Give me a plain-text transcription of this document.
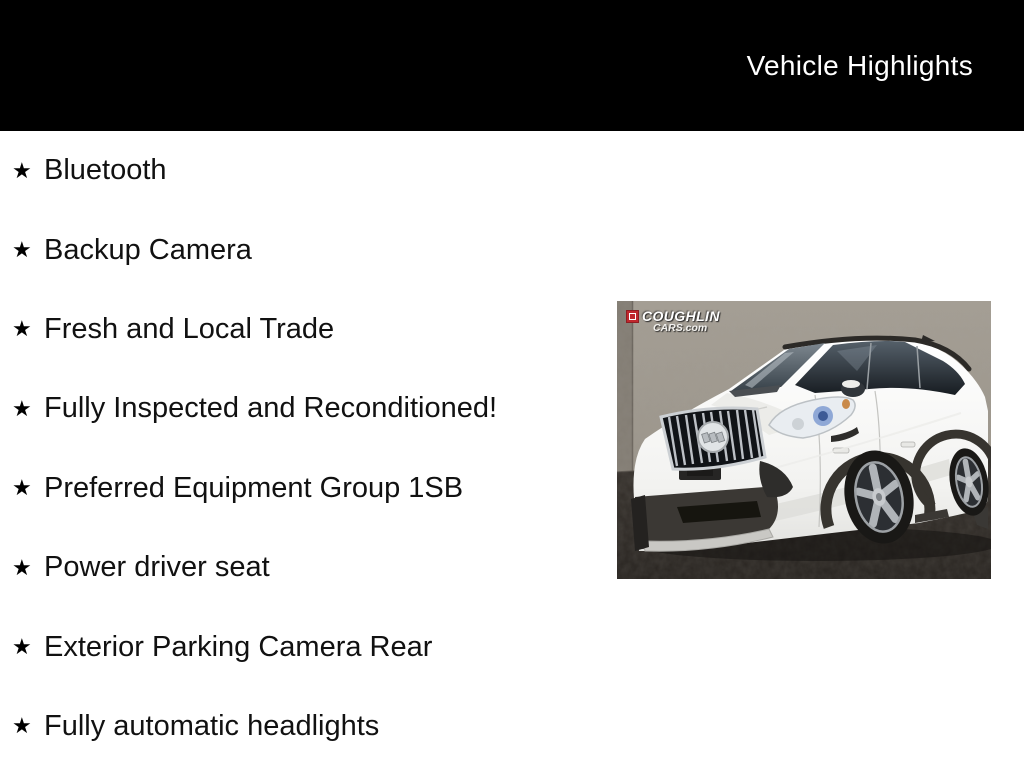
Vehicle Highlights
★ Bluetooth
★ Backup Camera
★ Fresh and Local Trade
★ Fully Inspected and Reconditioned!
★ Preferred Equipment Group 1SB
★ Power driver seat
★ Exterior Parking Camera Rear
★ Fully automatic headlights
COUGHLIN
CARS.com
